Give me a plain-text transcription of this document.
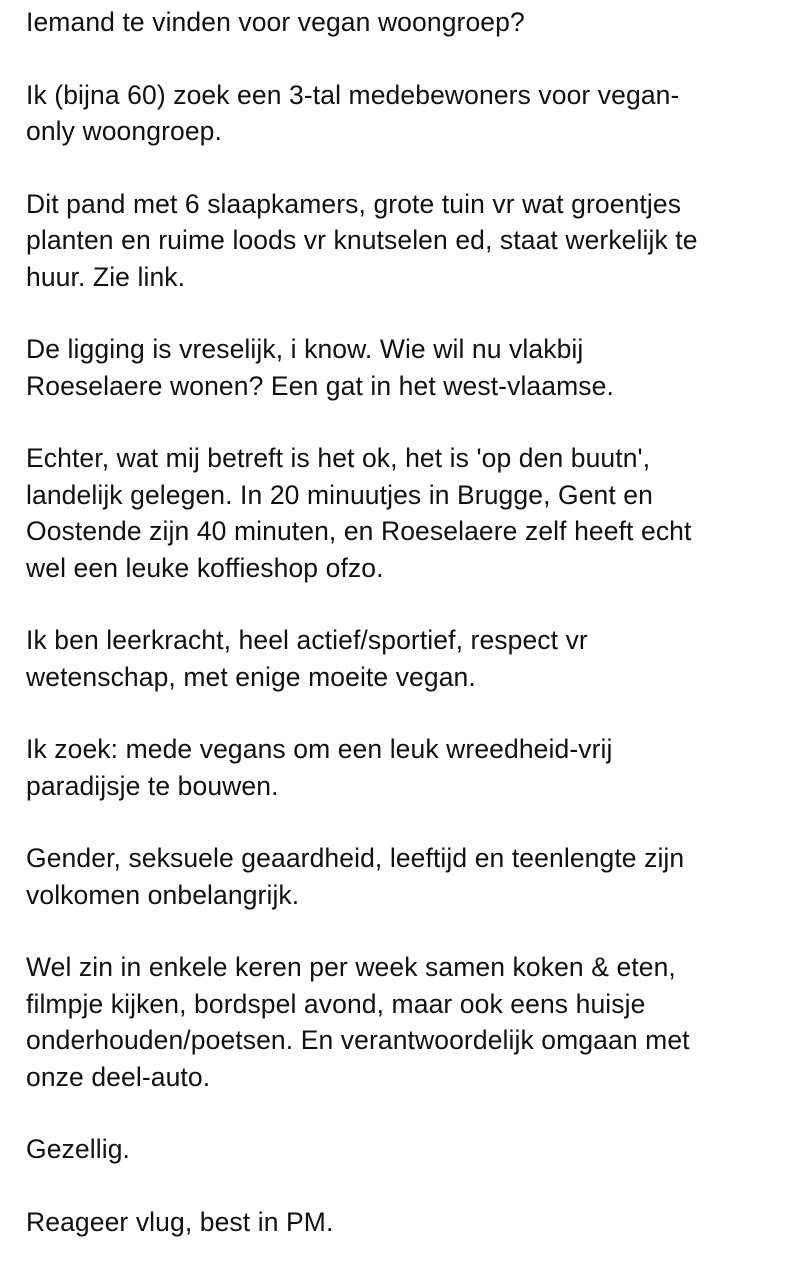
Iemand te vinden voor vegan woongroep?

Ik (bijna 60) zoek een 3-tal medebewoners voor vegan-
only woongroep.

Dit pand met 6 slaapkamers, grote tuin vr wat groentjes
planten en ruime loods vr knutselen ed, staat werkelijk te
huur. Zie link.

De ligging is vreselijk, i know. Wie wil nu vlakbij
Roeselaere wonen? Een gat in het west-vlaamse.

Echter, wat mij betreft is het ok, het is 'op den buutn',
landelijk gelegen. In 20 minuutjes in Brugge, Gent en
Oostende zijn 40 minuten, en Roeselaere zelf heeft echt
wel een leuke koffieshop ofzo.

Ik ben leerkracht, heel actief/sportief, respect vr
wetenschap, met enige moeite vegan.

Ik zoek: mede vegans om een leuk wreedheid-vrij
paradijsje te bouwen.

Gender, seksuele geaardheid, leeftijd en teenlengte zijn
volkomen onbelangrijk.

Wel zin in enkele keren per week samen koken & eten,
filmpje kijken, bordspel avond, maar ook eens huisje
onderhouden/poetsen. En verantwoordelijk omgaan met
onze deel-auto.

Gezellig.

Reageer vlug, best in PM.
